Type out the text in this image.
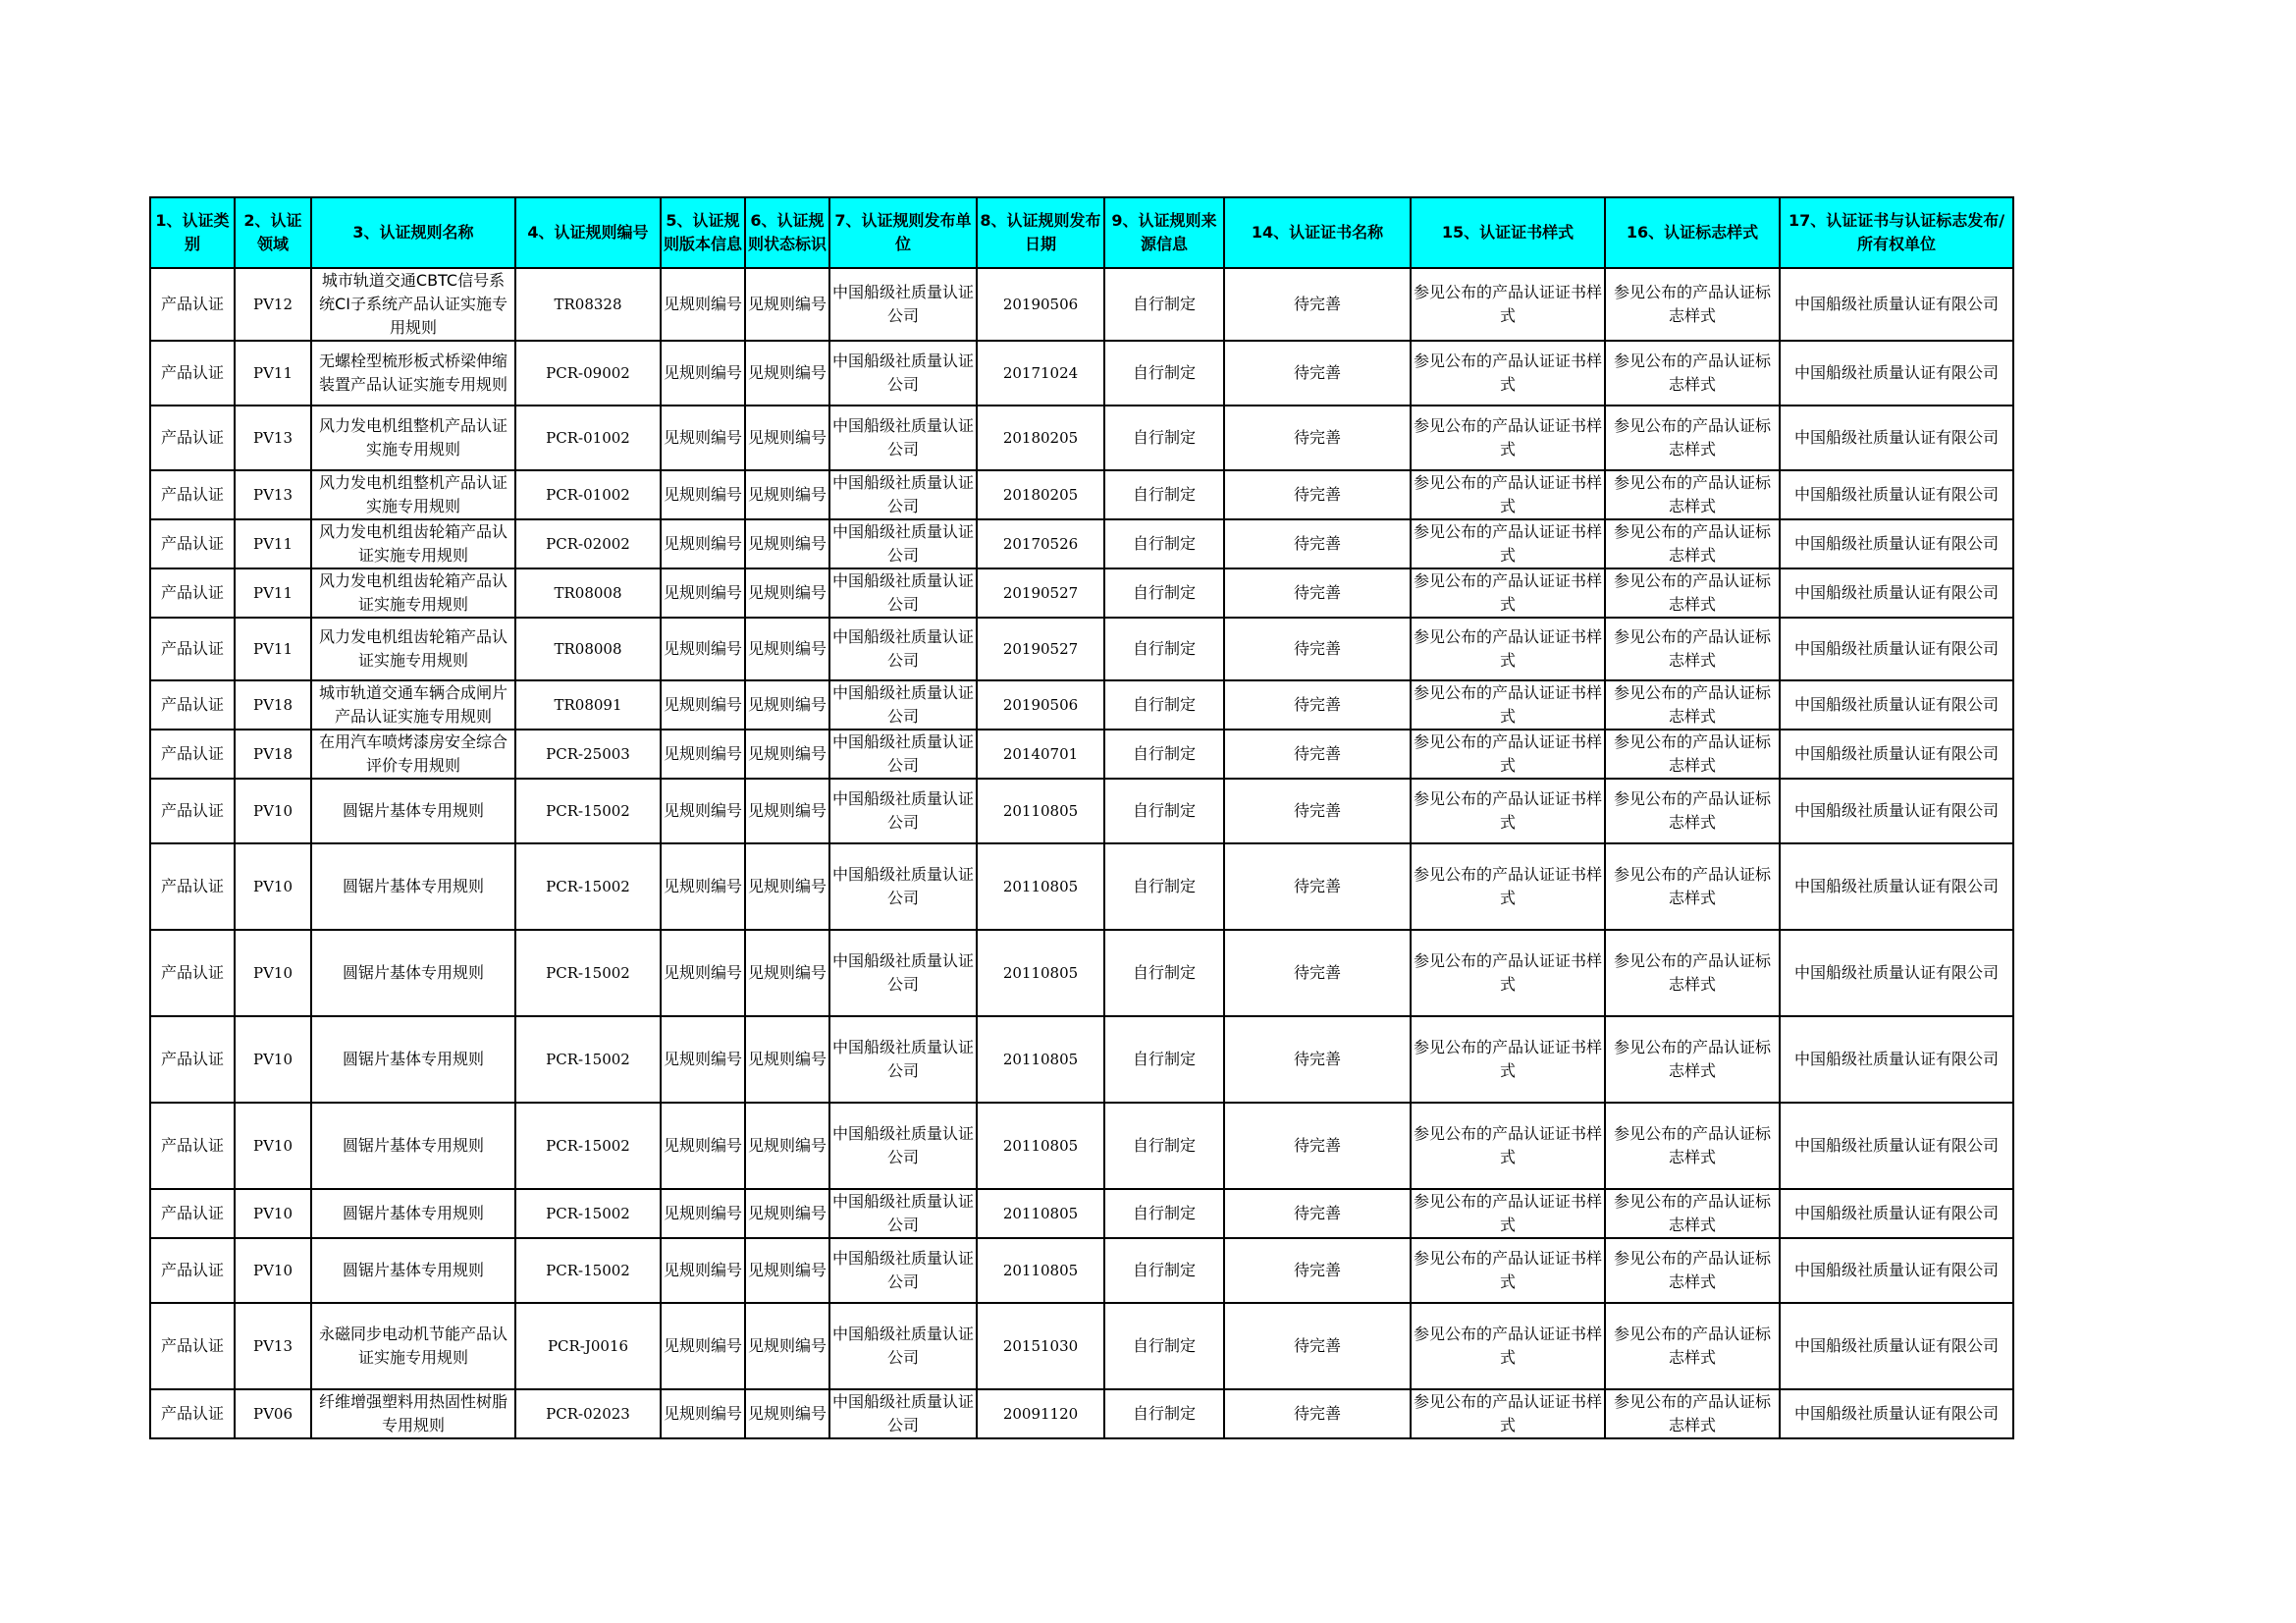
1、认证类别	2、认证领域	3、认证规则名称	4、认证规则编号	5、认证规则版本信息	6、认证规则状态标识	7、认证规则发布单位	8、认证规则发布日期	9、认证规则来源信息	14、认证证书名称	15、认证证书样式	16、认证标志样式	17、认证证书与认证标志发布/所有权单位
产品认证	PV12	城市轨道交通CBTC信号系统CI子系统产品认证实施专用规则	TR08328	见规则编号	见规则编号	中国船级社质量认证公司	20190506	自行制定	待完善	参见公布的产品认证证书样式	参见公布的产品认证标志样式	中国船级社质量认证有限公司
产品认证	PV11	无螺栓型梳形板式桥梁伸缩装置产品认证实施专用规则	PCR-09002	见规则编号	见规则编号	中国船级社质量认证公司	20171024	自行制定	待完善	参见公布的产品认证证书样式	参见公布的产品认证标志样式	中国船级社质量认证有限公司
产品认证	PV13	风力发电机组整机产品认证实施专用规则	PCR-01002	见规则编号	见规则编号	中国船级社质量认证公司	20180205	自行制定	待完善	参见公布的产品认证证书样式	参见公布的产品认证标志样式	中国船级社质量认证有限公司
产品认证	PV13	风力发电机组整机产品认证实施专用规则	PCR-01002	见规则编号	见规则编号	中国船级社质量认证公司	20180205	自行制定	待完善	参见公布的产品认证证书样式	参见公布的产品认证标志样式	中国船级社质量认证有限公司
产品认证	PV11	风力发电机组齿轮箱产品认证实施专用规则	PCR-02002	见规则编号	见规则编号	中国船级社质量认证公司	20170526	自行制定	待完善	参见公布的产品认证证书样式	参见公布的产品认证标志样式	中国船级社质量认证有限公司
产品认证	PV11	风力发电机组齿轮箱产品认证实施专用规则	TR08008	见规则编号	见规则编号	中国船级社质量认证公司	20190527	自行制定	待完善	参见公布的产品认证证书样式	参见公布的产品认证标志样式	中国船级社质量认证有限公司
产品认证	PV11	风力发电机组齿轮箱产品认证实施专用规则	TR08008	见规则编号	见规则编号	中国船级社质量认证公司	20190527	自行制定	待完善	参见公布的产品认证证书样式	参见公布的产品认证标志样式	中国船级社质量认证有限公司
产品认证	PV18	城市轨道交通车辆合成闸片产品认证实施专用规则	TR08091	见规则编号	见规则编号	中国船级社质量认证公司	20190506	自行制定	待完善	参见公布的产品认证证书样式	参见公布的产品认证标志样式	中国船级社质量认证有限公司
产品认证	PV18	在用汽车喷烤漆房安全综合评价专用规则	PCR-25003	见规则编号	见规则编号	中国船级社质量认证公司	20140701	自行制定	待完善	参见公布的产品认证证书样式	参见公布的产品认证标志样式	中国船级社质量认证有限公司
产品认证	PV10	圆锯片基体专用规则	PCR-15002	见规则编号	见规则编号	中国船级社质量认证公司	20110805	自行制定	待完善	参见公布的产品认证证书样式	参见公布的产品认证标志样式	中国船级社质量认证有限公司
产品认证	PV10	圆锯片基体专用规则	PCR-15002	见规则编号	见规则编号	中国船级社质量认证公司	20110805	自行制定	待完善	参见公布的产品认证证书样式	参见公布的产品认证标志样式	中国船级社质量认证有限公司
产品认证	PV10	圆锯片基体专用规则	PCR-15002	见规则编号	见规则编号	中国船级社质量认证公司	20110805	自行制定	待完善	参见公布的产品认证证书样式	参见公布的产品认证标志样式	中国船级社质量认证有限公司
产品认证	PV10	圆锯片基体专用规则	PCR-15002	见规则编号	见规则编号	中国船级社质量认证公司	20110805	自行制定	待完善	参见公布的产品认证证书样式	参见公布的产品认证标志样式	中国船级社质量认证有限公司
产品认证	PV10	圆锯片基体专用规则	PCR-15002	见规则编号	见规则编号	中国船级社质量认证公司	20110805	自行制定	待完善	参见公布的产品认证证书样式	参见公布的产品认证标志样式	中国船级社质量认证有限公司
产品认证	PV10	圆锯片基体专用规则	PCR-15002	见规则编号	见规则编号	中国船级社质量认证公司	20110805	自行制定	待完善	参见公布的产品认证证书样式	参见公布的产品认证标志样式	中国船级社质量认证有限公司
产品认证	PV10	圆锯片基体专用规则	PCR-15002	见规则编号	见规则编号	中国船级社质量认证公司	20110805	自行制定	待完善	参见公布的产品认证证书样式	参见公布的产品认证标志样式	中国船级社质量认证有限公司
产品认证	PV13	永磁同步电动机节能产品认证实施专用规则	PCR-J0016	见规则编号	见规则编号	中国船级社质量认证公司	20151030	自行制定	待完善	参见公布的产品认证证书样式	参见公布的产品认证标志样式	中国船级社质量认证有限公司
产品认证	PV06	纤维增强塑料用热固性树脂专用规则	PCR-02023	见规则编号	见规则编号	中国船级社质量认证公司	20091120	自行制定	待完善	参见公布的产品认证证书样式	参见公布的产品认证标志样式	中国船级社质量认证有限公司
